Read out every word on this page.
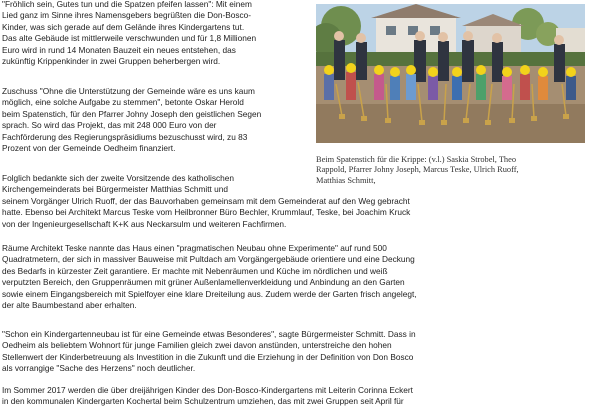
"Fröhlich sein, Gutes tun und die Spatzen pfeifen lassen": Mit einem
Lied ganz im Sinne ihres Namensgebers begrüßten die Don-Bosco-
Kinder, was sich gerade auf dem Gelände ihres Kindergartens tut.
Das alte Gebäude ist mittlerweile verschwunden und für 1,8 Millionen
Euro wird in rund 14 Monaten Bauzeit ein neues entstehen, das
zukünftig Krippenkinder in zwei Gruppen beherbergen wird.

Zuschuss "Ohne die Unterstützung der Gemeinde wäre es uns kaum
möglich, eine solche Aufgabe zu stemmen", betonte Oskar Herold
beim Spatenstich, für den Pfarrer Johny Joseph den geistlichen Segen
sprach. So wird das Projekt, das mit 248 000 Euro von der
Fachförderung des Regierungspräsidiums bezuschusst wird, zu 83
Prozent von der Gemeinde Oedheim finanziert.

Folglich bedankte sich der zweite Vorsitzende des katholischen
Kirchengemeinderats bei Bürgermeister Matthias Schmitt und
seinem Vorgänger Ulrich Ruoff, der das Bauvorhaben gemeinsam mit dem Gemeinderat auf den Weg gebracht
hatte. Ebenso bei Architekt Marcus Teske vom Heilbronner Büro Bechler, Krummlauf, Teske, bei Joachim Kruck
von der Ingenieurgesellschaft K+K aus Neckarsulm und weiteren Fachfirmen.

Räume Architekt Teske nannte das Haus einen "pragmatischen Neubau ohne Experimente" auf rund 500
Quadratmetern, der sich in massiver Bauweise mit Pultdach am Vorgängergebäude orientiere und eine Deckung
des Bedarfs in kürzester Zeit garantiere. Er machte mit Nebenräumen und Küche im nördlichen und weiß
verputzten Bereich, den Gruppenräumen mit grüner Außenlamellenverkleidung und Anbindung an den Garten
sowie einem Eingangsbereich mit Spielfoyer eine klare Dreiteilung aus. Zudem werde der Garten frisch angelegt,
der alte Baumbestand aber erhalten.

"Schon ein Kindergartenneubau ist für eine Gemeinde etwas Besonderes", sagte Bürgermeister Schmitt. Dass in
Oedheim als beliebtem Wohnort für junge Familien gleich zwei davon anstünden, unterstreiche den hohen
Stellenwert der Kinderbetreuung als Investition in die Zukunft und die Erziehung in der Definition von Don Bosco
als vorrangige "Sache des Herzens" noch deutlicher.

Im Sommer 2017 werden die über dreijährigen Kinder des Don-Bosco-Kindergartens mit Leiterin Corinna Eckert
in den kommunalen Kindergarten Kochertal beim Schulzentrum umziehen, das mit zwei Gruppen seit April für

Beim Spatenstich für die Krippe: (v.l.) Saskia Strobel, Theo
Rappold, Pfarrer Johny Joseph, Marcus Teske, Ulrich Ruoff,
Matthias Schmitt,
